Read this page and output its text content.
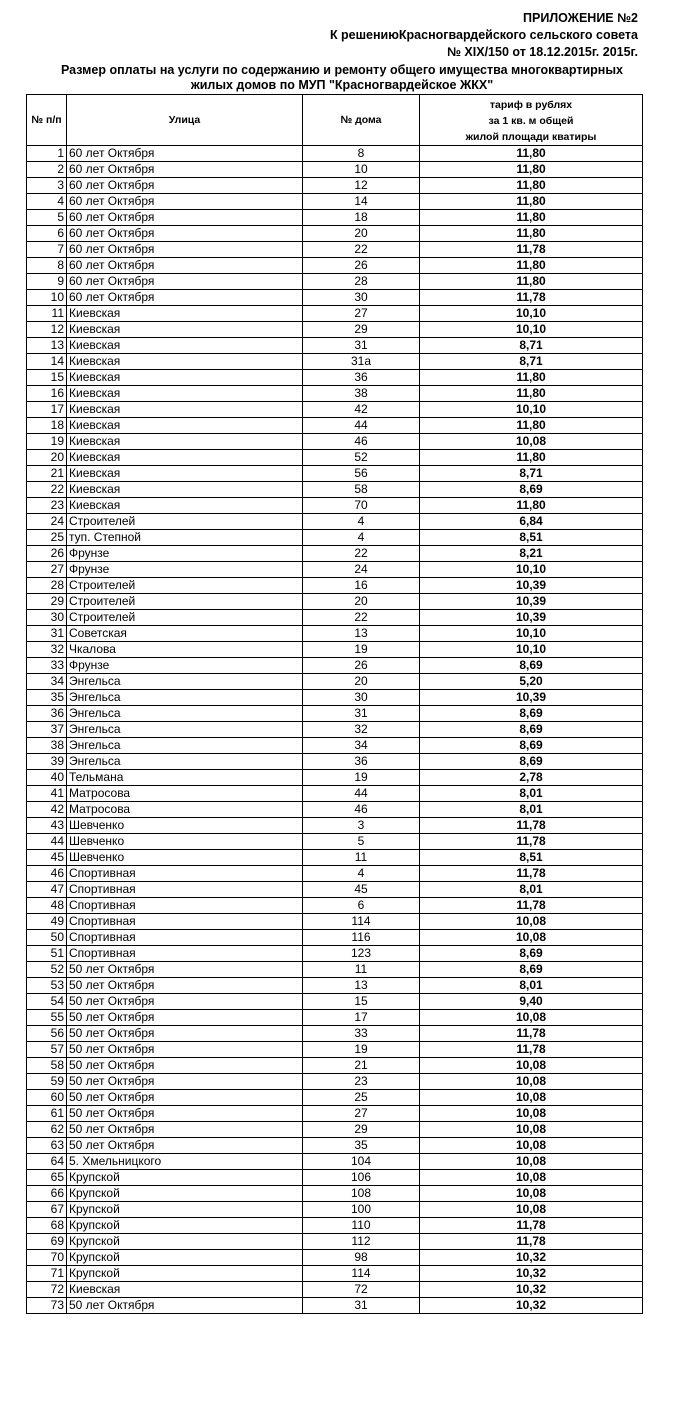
ПРИЛОЖЕНИЕ №2
К решениюКрасногвардейского сельского совета
№ XIX/150 от 18.12.2015г. 2015г.
Размер оплаты на услуги по содержанию и ремонту общего имущества многоквартирных
жилых домов по МУП "Красногвардейское ЖКХ"
№ п/п	Улица	№ дома	тариф в рублях
за 1 кв. м общей
жилой площади кватиры

1	60 лет Октября	8	11,80
2	60 лет Октября	10	11,80
3	60 лет Октября	12	11,80
4	60 лет Октября	14	11,80
5	60 лет Октября	18	11,80
6	60 лет Октября	20	11,80
7	60 лет Октября	22	11,78
8	60 лет Октября	26	11,80
9	60 лет Октября	28	11,80
10	60 лет Октября	30	11,78
11	Киевская	27	10,10
12	Киевская	29	10,10
13	Киевская	31	8,71
14	Киевская	31а	8,71
15	Киевская	36	11,80
16	Киевская	38	11,80
17	Киевская	42	10,10
18	Киевская	44	11,80
19	Киевская	46	10,08
20	Киевская	52	11,80
21	Киевская	56	8,71
22	Киевская	58	8,69
23	Киевская	70	11,80
24	Строителей	4	6,84
25	туп. Степной	4	8,51
26	Фрунзе	22	8,21
27	Фрунзе	24	10,10
28	Строителей	16	10,39
29	Строителей	20	10,39
30	Строителей	22	10,39
31	Советская	13	10,10
32	Чкалова	19	10,10
33	Фрунзе	26	8,69
34	Энгельса	20	5,20
35	Энгельса	30	10,39
36	Энгельса	31	8,69
37	Энгельса	32	8,69
38	Энгельса	34	8,69
39	Энгельса	36	8,69
40	Тельмана	19	2,78
41	Матросова	44	8,01
42	Матросова	46	8,01
43	Шевченко	3	11,78
44	Шевченко	5	11,78
45	Шевченко	11	8,51
46	Спортивная	4	11,78
47	Спортивная	45	8,01
48	Спортивная	6	11,78
49	Спортивная	114	10,08
50	Спортивная	116	10,08
51	Спортивная	123	8,69
52	50 лет Октября	11	8,69
53	50 лет Октября	13	8,01
54	50 лет Октября	15	9,40
55	50 лет Октября	17	10,08
56	50 лет Октября	33	11,78
57	50 лет Октября	19	11,78
58	50 лет Октября	21	10,08
59	50 лет Октября	23	10,08
60	50 лет Октября	25	10,08
61	50 лет Октября	27	10,08
62	50 лет Октября	29	10,08
63	50 лет Октября	35	10,08
64	5. Хмельницкого	104	10,08
65	Крупской	106	10,08
66	Крупской	108	10,08
67	Крупской	100	10,08
68	Крупской	110	11,78
69	Крупской	112	11,78
70	Крупской	98	10,32
71	Крупской	114	10,32
72	Киевская	72	10,32
73	50 лет Октября	31	10,32
